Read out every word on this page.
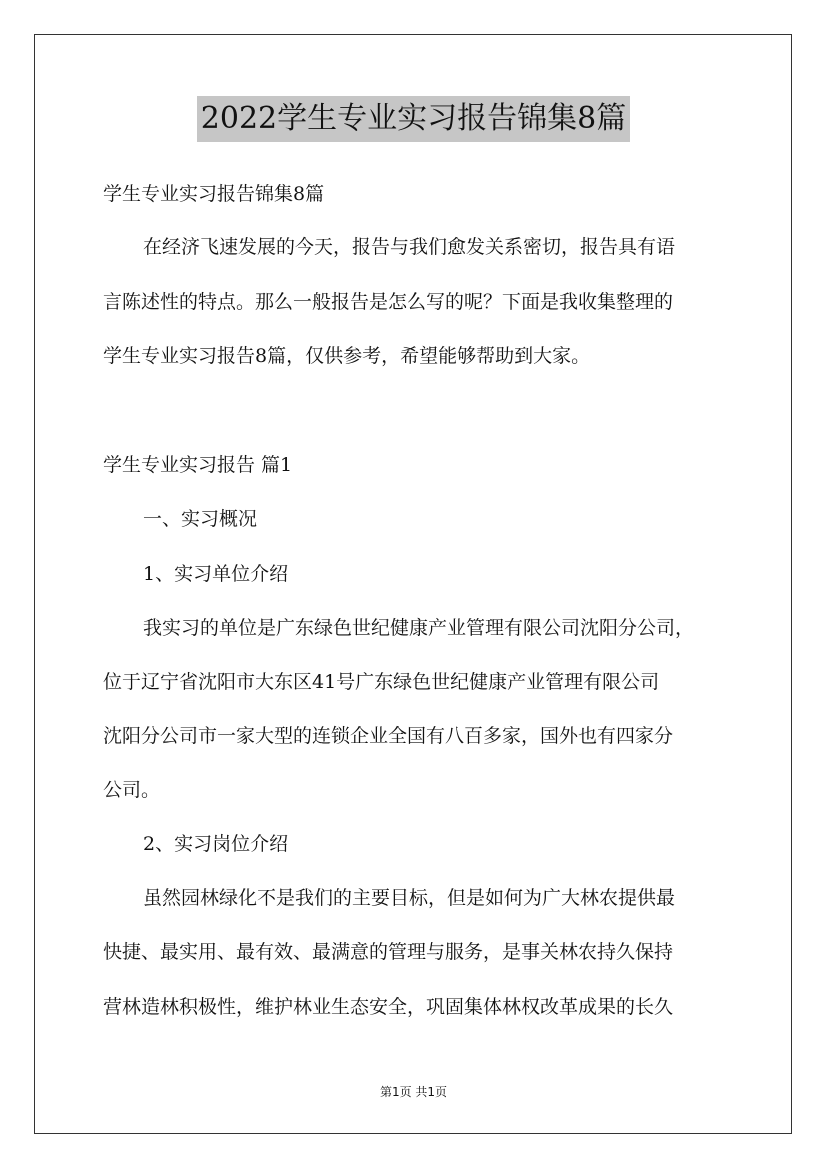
2022学生专业实习报告锦集8篇

学生专业实习报告锦集8篇

在经济飞速发展的今天，报告与我们愈发关系密切，报告具有语

言陈述性的特点。那么一般报告是怎么写的呢？下面是我收集整理的

学生专业实习报告8篇，仅供参考，希望能够帮助到大家。

学生专业实习报告 篇1

一、实习概况

1、实习单位介绍

我实习的单位是广东绿色世纪健康产业管理有限公司沈阳分公司，

位于辽宁省沈阳市大东区41号广东绿色世纪健康产业管理有限公司

沈阳分公司市一家大型的连锁企业全国有八百多家，国外也有四家分

公司。

2、实习岗位介绍

虽然园林绿化不是我们的主要目标，但是如何为广大林农提供最

快捷、最实用、最有效、最满意的管理与服务，是事关林农持久保持

营林造林积极性，维护林业生态安全，巩固集体林权改革成果的长久

第1页 共1页
